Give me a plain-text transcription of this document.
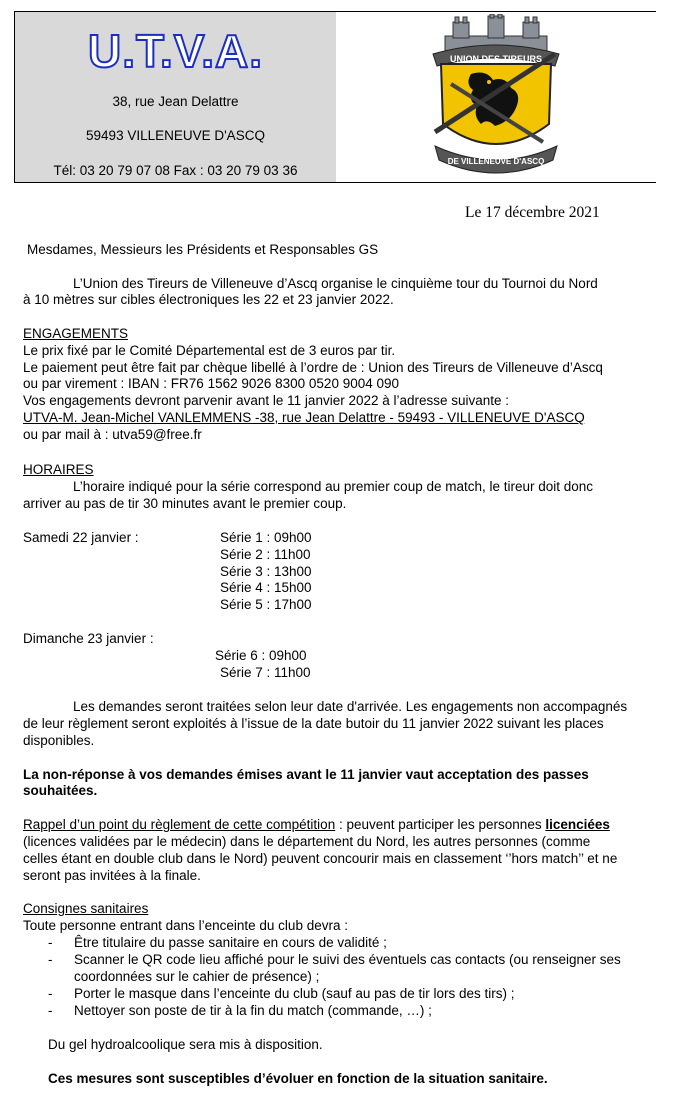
U.T.V.A.
38, rue Jean Delattre
59493 VILLENEUVE D'ASCQ
Tél: 03 20 79 07 08 Fax : 03 20 79 03 36
UNION DES TIREURS
DE VILLENEUVE D'ASCQ

Le 17 décembre 2021

Mesdames, Messieurs les Présidents et Responsables GS

L’Union des Tireurs de Villeneuve d’Ascq organise le cinquième tour du Tournoi du Nord

à 10 mètres sur cibles électroniques les 22 et 23 janvier 2022.

ENGAGEMENTS

Le prix fixé par le Comité Départemental est de 3 euros par tir.

Le paiement peut être fait par chèque libellé à l’ordre de : Union des Tireurs de Villeneuve d’Ascq

ou par virement : IBAN : FR76 1562 9026 8300 0520 9004 090

Vos engagements devront parvenir avant le 11 janvier 2022 à l’adresse suivante :

UTVA-M. Jean-Michel VANLEMMENS -38, rue Jean Delattre - 59493 - VILLENEUVE D'ASCQ

ou par mail à : utva59@free.fr

HORAIRES

L’horaire indiqué pour la série correspond au premier coup de match, le tireur doit donc

arriver au pas de tir 30 minutes avant le premier coup.

Samedi 22 janvier :	Série 1 : 09h00

Série 2 : 11h00

Série 3 : 13h00

Série 4 : 15h00

Série 5 : 17h00

Dimanche 23 janvier :

Série 6 : 09h00

Série 7 : 11h00

Les demandes seront traitées selon leur date d'arrivée. Les engagements non accompagnés

de leur règlement seront exploités à l’issue de la date butoir du 11 janvier 2022 suivant les places

disponibles.

La non-réponse à vos demandes émises avant le 11 janvier vaut acceptation des passes

souhaitées.

Rappel d’un point du règlement de cette compétition : peuvent participer les personnes licenciées

(licences validées par le médecin) dans le département du Nord, les autres personnes (comme

celles étant en double club dans le Nord) peuvent concourir mais en classement ‘’hors match’’ et ne

seront pas invitées à la finale.

Consignes sanitaires

Toute personne entrant dans l’enceinte du club devra :

- Être titulaire du passe sanitaire en cours de validité ;

- Scanner le QR code lieu affiché pour le suivi des éventuels cas contacts (ou renseigner ses

coordonnées sur le cahier de présence) ;

- Porter le masque dans l’enceinte du club (sauf au pas de tir lors des tirs) ;

- Nettoyer son poste de tir à la fin du match (commande, …) ;

Du gel hydroalcoolique sera mis à disposition.

Ces mesures sont susceptibles d’évoluer en fonction de la situation sanitaire.
